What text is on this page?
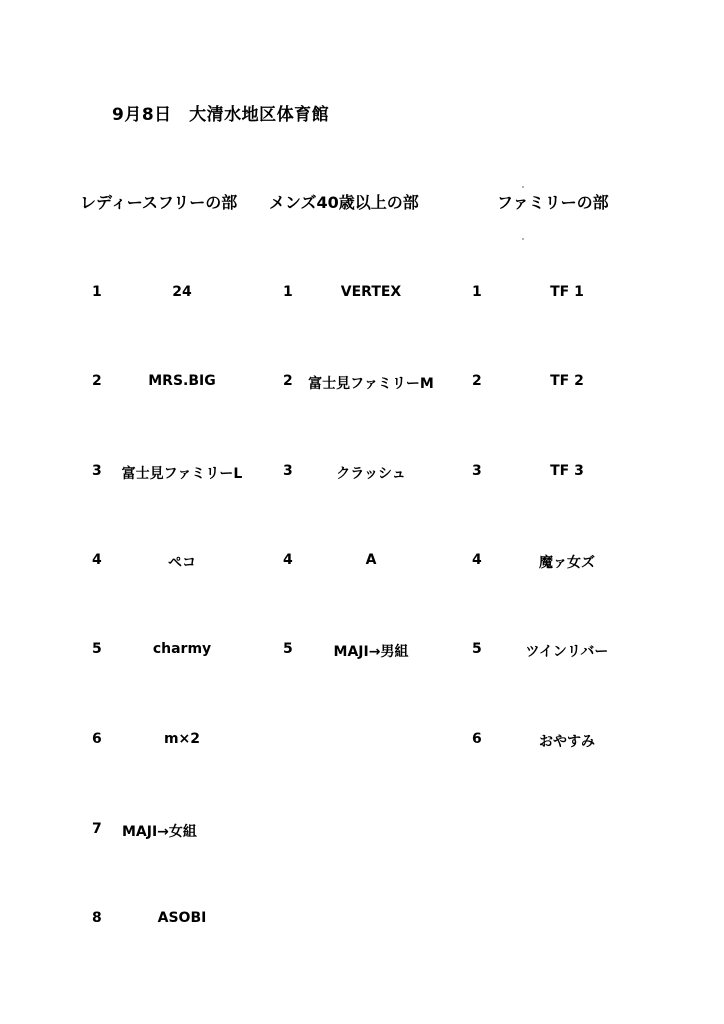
9月8日　大清水地区体育館
レディースフリーの部 メンズ40歳以上の部	ファミリーの部
1	24
2	MRS.BIG
3	富士見ファミリーL
4	ペコ
5	charmy
6	m×2
7 MAJI→女組
8	ASOBI
1	VERTEX
2	富士見ファミリーM
3	クラッシュ
4	A
5	MAJI→男組
1	TF 1
2	TF 2
3	TF 3
4	魔ァ女ズ
5	ツインリバー
6	おやすみ
